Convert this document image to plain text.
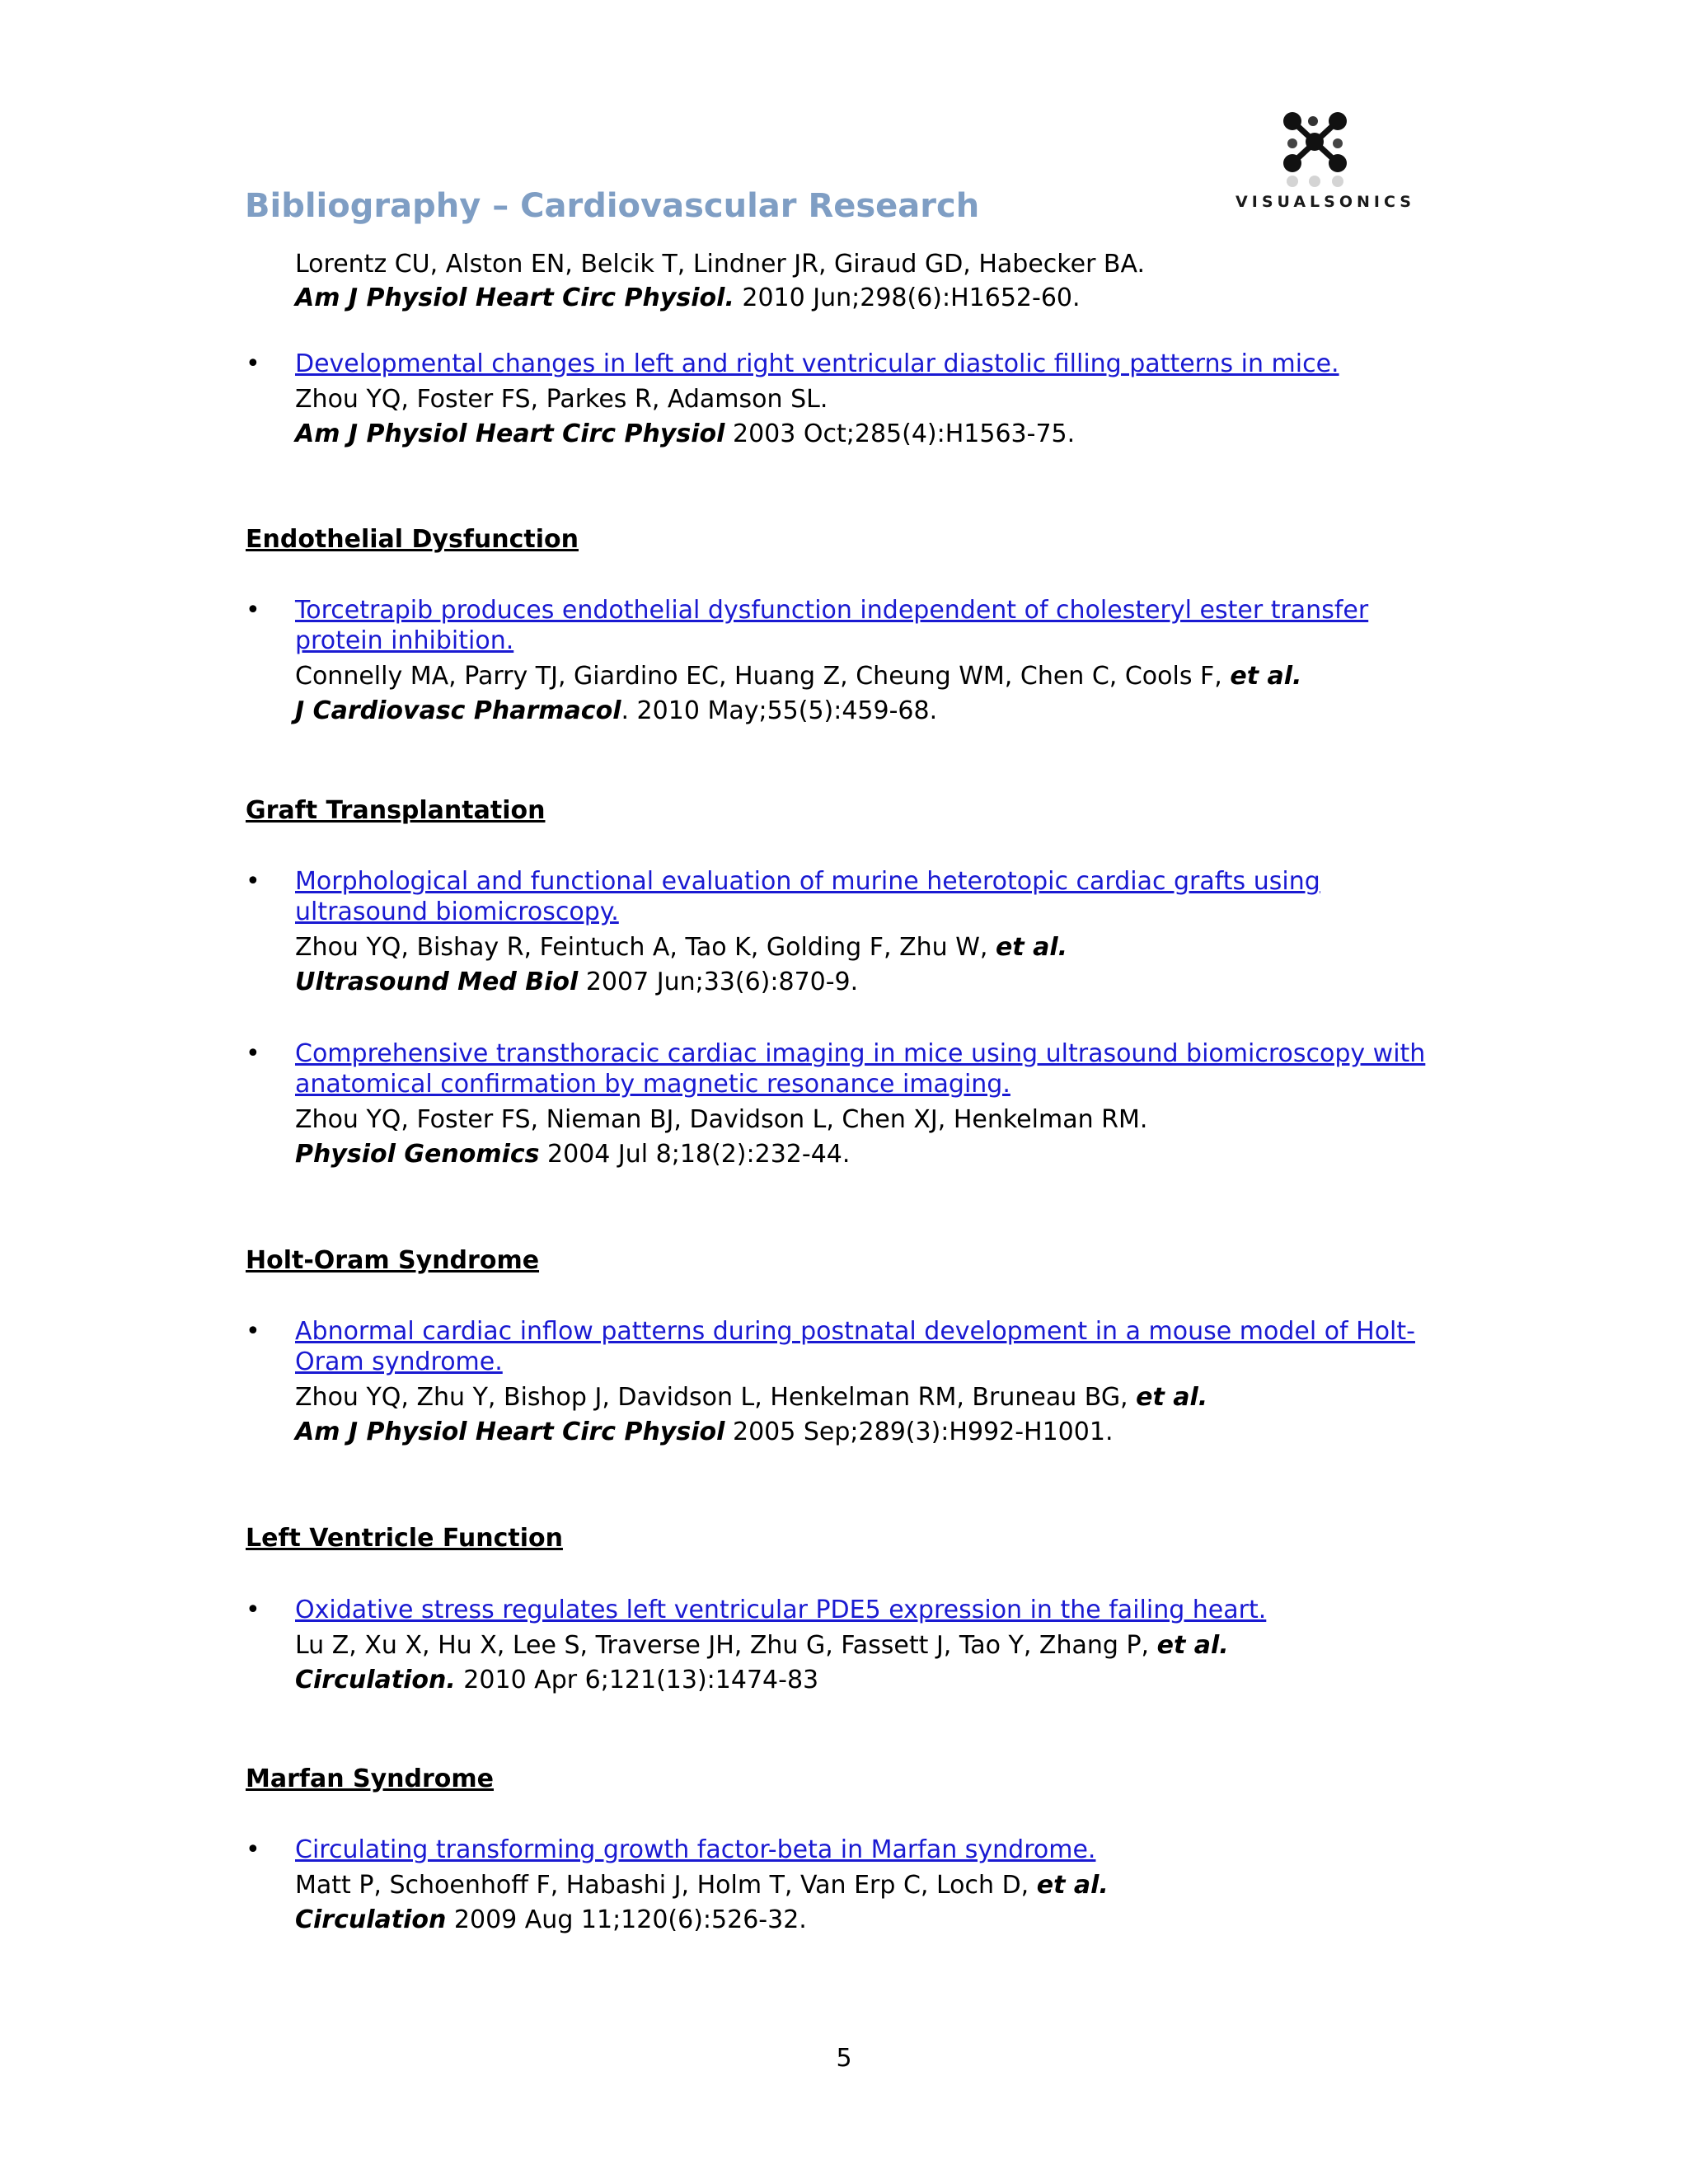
Bibliography – Cardiovascular Research	VISUALSONICS

Lorentz CU, Alston EN, Belcik T, Lindner JR, Giraud GD, Habecker BA.

Am J Physiol Heart Circ Physiol. 2010 Jun;298(6):H1652-60.

• Developmental changes in left and right ventricular diastolic filling patterns in mice.

Zhou YQ, Foster FS, Parkes R, Adamson SL.

Am J Physiol Heart Circ Physiol 2003 Oct;285(4):H1563-75.

Endothelial Dysfunction
• Torcetrapib produces endothelial dysfunction independent of cholesteryl ester transfer protein inhibition.

Connelly MA, Parry TJ, Giardino EC, Huang Z, Cheung WM, Chen C, Cools F, et al.

J Cardiovasc Pharmacol. 2010 May;55(5):459-68.

Graft Transplantation
• Morphological and functional evaluation of murine heterotopic cardiac grafts using ultrasound biomicroscopy.

Zhou YQ, Bishay R, Feintuch A, Tao K, Golding F, Zhu W, et al.

Ultrasound Med Biol 2007 Jun;33(6):870-9.

• Comprehensive transthoracic cardiac imaging in mice using ultrasound biomicroscopy with anatomical confirmation by magnetic resonance imaging.

Zhou YQ, Foster FS, Nieman BJ, Davidson L, Chen XJ, Henkelman RM.

Physiol Genomics 2004 Jul 8;18(2):232-44.

Holt-Oram Syndrome
• Abnormal cardiac inflow patterns during postnatal development in a mouse model of Holt-Oram syndrome.

Zhou YQ, Zhu Y, Bishop J, Davidson L, Henkelman RM, Bruneau BG, et al.

Am J Physiol Heart Circ Physiol 2005 Sep;289(3):H992-H1001.

Left Ventricle Function
• Oxidative stress regulates left ventricular PDE5 expression in the failing heart.

Lu Z, Xu X, Hu X, Lee S, Traverse JH, Zhu G, Fassett J, Tao Y, Zhang P, et al.

Circulation. 2010 Apr 6;121(13):1474-83

Marfan Syndrome
• Circulating transforming growth factor-beta in Marfan syndrome.

Matt P, Schoenhoff F, Habashi J, Holm T, Van Erp C, Loch D, et al.

Circulation 2009 Aug 11;120(6):526-32.

5
